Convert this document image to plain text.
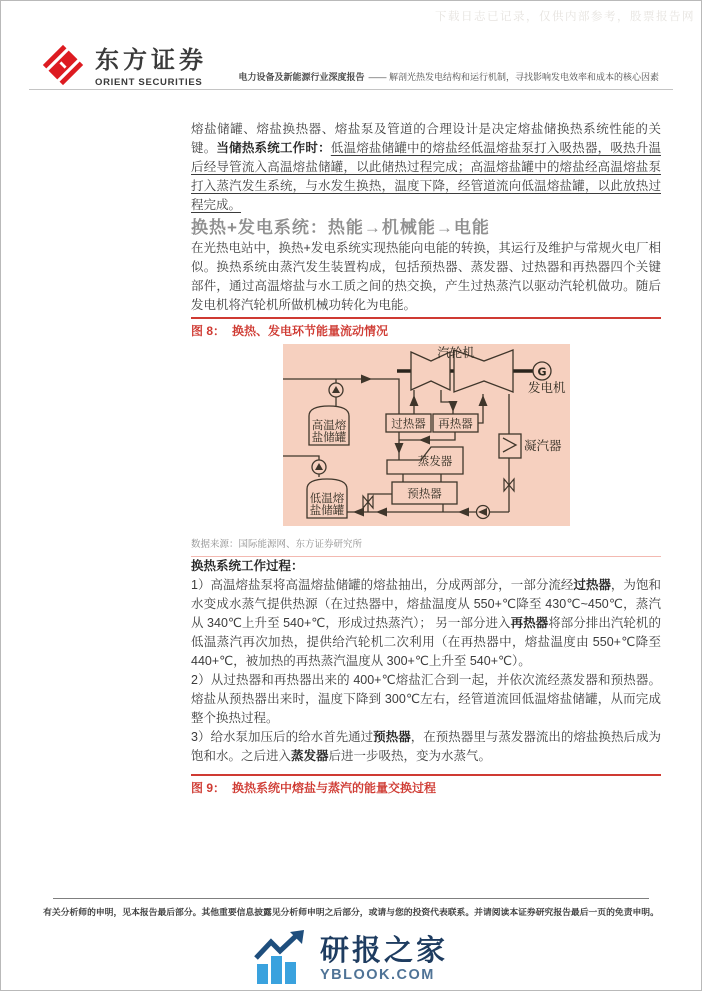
下载日志已记录，仅供内部参考，股票报告网
东方证券
ORIENT SECURITIES	电力设备及新能源行业深度报告 —— 解剖光热发电结构和运行机制，寻找影响发电效率和成本的核心因素

熔盐储罐、熔盐换热器、熔盐泵及管道的合理设计是决定熔盐储换热系统性能的关键。当储热系统工作时：低温熔盐储罐中的熔盐经低温熔盐泵打入吸热器，吸热升温后经导管流入高温熔盐储罐，以此储热过程完成；高温熔盐罐中的熔盐经高温熔盐泵打入蒸汽发生系统，与水发生换热，温度下降，经管道流向低温熔盐罐，以此放热过程完成。

换热+发电系统：热能→机械能→电能

在光热电站中，换热+发电系统实现热能向电能的转换，其运行及维护与常规火电厂相似。换热系统由蒸汽发生装置构成，包括预热器、蒸发器、过热器和再热器四个关键部件，通过高温熔盐与水工质之间的热交换，产生过热蒸汽以驱动汽轮机做功。随后发电机将汽轮机所做机械功转化为电能。

图 8： 换热、发电环节能量流动情况
G
汽轮机
发电机
高温熔
盐储罐
低温熔
盐储罐
过热器 再热器
凝汽器
蒸发器
预热器
数据来源：国际能源网、东方证券研究所

换热系统工作过程：

1）高温熔盐泵将高温熔盐储罐的熔盐抽出，分成两部分，一部分流经过热器，为饱和水变成水蒸气提供热源（在过热器中，熔盐温度从 550+℃降至 430℃~450℃，蒸汽从 340℃上升至 540+℃，形成过热蒸汽）； 另一部分进入再热器将部分排出汽轮机的低温蒸汽再次加热，提供给汽轮机二次利用（在再热器中，熔盐温度由 550+℃降至 440+℃，被加热的再热蒸汽温度从 300+℃上升至 540+℃）。

2）从过热器和再热器出来的 400+℃熔盐汇合到一起，并依次流经蒸发器和预热器。熔盐从预热器出来时，温度下降到 300℃左右，经管道流回低温熔盐储罐，从而完成整个换热过程。

3）给水泵加压后的给水首先通过预热器，在预热器里与蒸发器流出的熔盐换热后成为饱和水。之后进入蒸发器后进一步吸热，变为水蒸气。

图 9： 换热系统中熔盐与蒸汽的能量交换过程
有关分析师的申明，见本报告最后部分。其他重要信息披露见分析师申明之后部分，或请与您的投资代表联系。并请阅读本证券研究报告最后一页的免责申明。
研报之家
YBLOOK.COM
